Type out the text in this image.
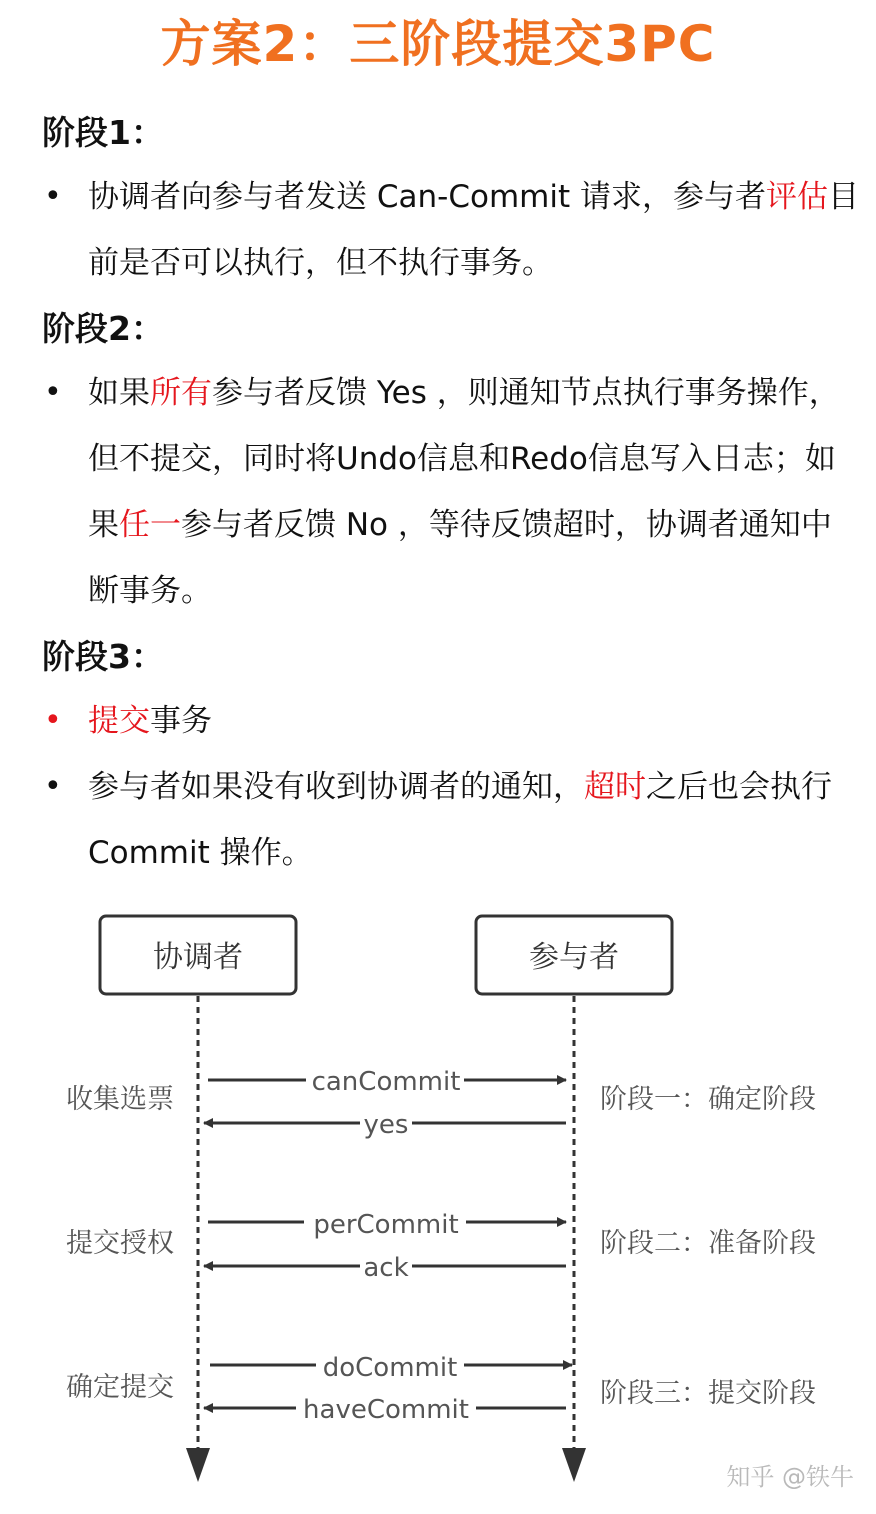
方案2：三阶段提交3PC
阶段1：

• 协调者向参与者发送 Can-Commit 请求，参与者评估目前是否可以执行，但不执行事务。

阶段2：

• 如果所有参与者反馈 Yes ，则通知节点执行事务操作，但不提交，同时将Undo信息和Redo信息写入日志；如果任一参与者反馈 No ，等待反馈超时，协调者通知中断事务。

阶段3：

• 提交事务

• 参与者如果没有收到协调者的通知，超时之后也会执行 Commit 操作。

协调者	参与者
收集选票	阶段一：确定阶段
canCommit
yes
提交授权	阶段二：准备阶段
perCommit
ack
确定提交	阶段三：提交阶段
doCommit
haveCommit
知乎 @铁牛
